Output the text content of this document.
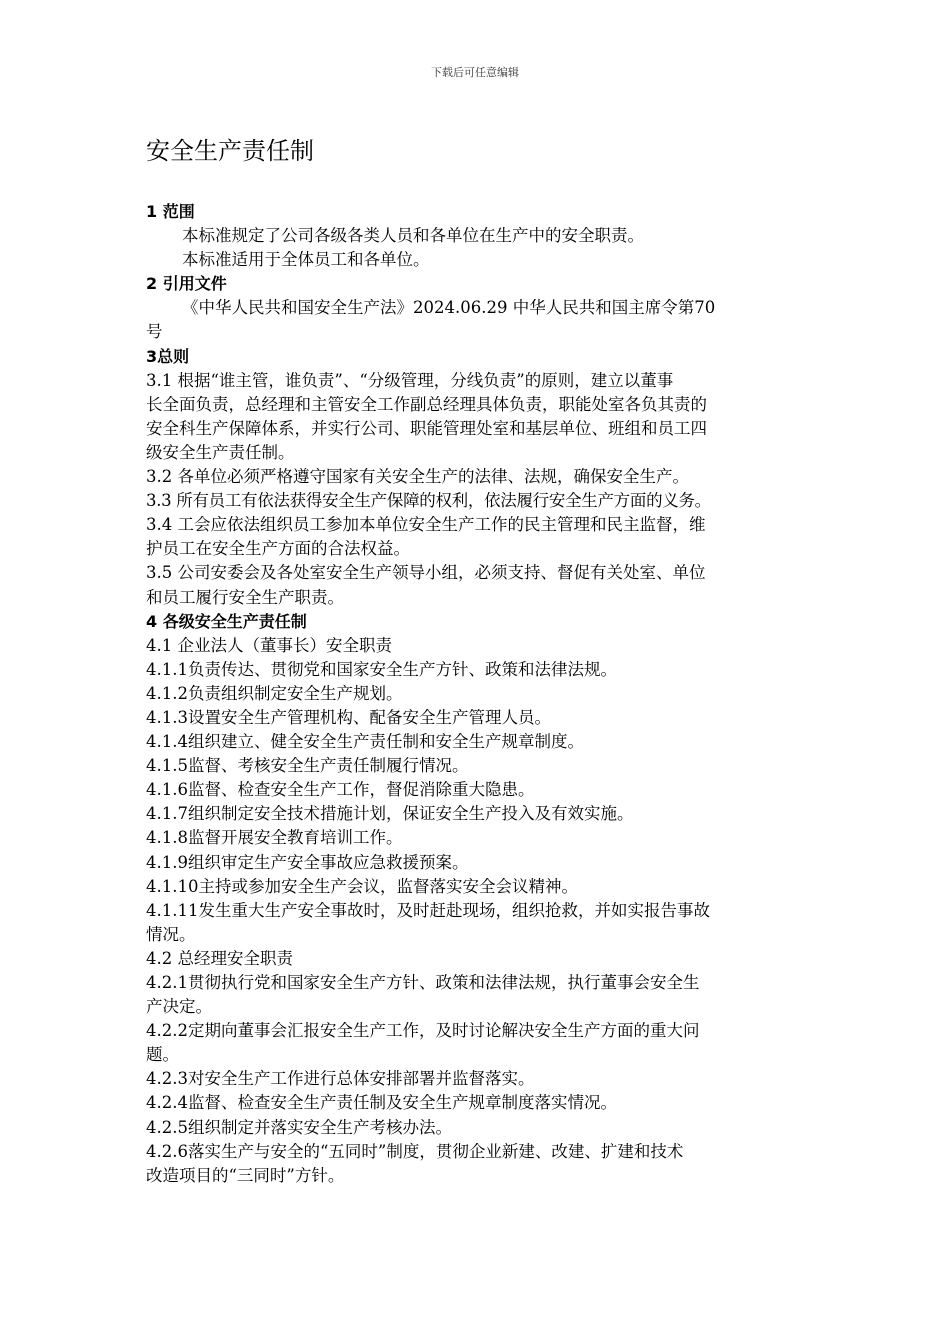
下载后可任意编辑
安全生产责任制
1 范围
本标准规定了公司各级各类人员和各单位在生产中的安全职责。
本标准适用于全体员工和各单位。
2 引用文件
《中华人民共和国安全生产法》2024.06.29 中华人民共和国主席令第70
号
3总则
3.1 根据“谁主管，谁负责”、“分级管理，分线负责”的原则，建立以董事
长全面负责，总经理和主管安全工作副总经理具体负责，职能处室各负其责的
安全科生产保障体系，并实行公司、职能管理处室和基层单位、班组和员工四
级安全生产责任制。
3.2 各单位必须严格遵守国家有关安全生产的法律、法规，确保安全生产。
3.3 所有员工有依法获得安全生产保障的权利，依法履行安全生产方面的义务。
3.4 工会应依法组织员工参加本单位安全生产工作的民主管理和民主监督，维
护员工在安全生产方面的合法权益。
3.5 公司安委会及各处室安全生产领导小组，必须支持、督促有关处室、单位
和员工履行安全生产职责。
4 各级安全生产责任制
4.1 企业法人（董事长）安全职责
4.1.1负责传达、贯彻党和国家安全生产方针、政策和法律法规。
4.1.2负责组织制定安全生产规划。
4.1.3设置安全生产管理机构、配备安全生产管理人员。
4.1.4组织建立、健全安全生产责任制和安全生产规章制度。
4.1.5监督、考核安全生产责任制履行情况。
4.1.6监督、检查安全生产工作，督促消除重大隐患。
4.1.7组织制定安全技术措施计划，保证安全生产投入及有效实施。
4.1.8监督开展安全教育培训工作。
4.1.9组织审定生产安全事故应急救援预案。
4.1.10主持或参加安全生产会议，监督落实安全会议精神。
4.1.11发生重大生产安全事故时，及时赶赴现场，组织抢救，并如实报告事故
情况。
4.2 总经理安全职责
4.2.1贯彻执行党和国家安全生产方针、政策和法律法规，执行董事会安全生
产决定。
4.2.2定期向董事会汇报安全生产工作，及时讨论解决安全生产方面的重大问
题。
4.2.3对安全生产工作进行总体安排部署并监督落实。
4.2.4监督、检查安全生产责任制及安全生产规章制度落实情况。
4.2.5组织制定并落实安全生产考核办法。
4.2.6落实生产与安全的“五同时”制度，贯彻企业新建、改建、扩建和技术
改造项目的“三同时”方针。
